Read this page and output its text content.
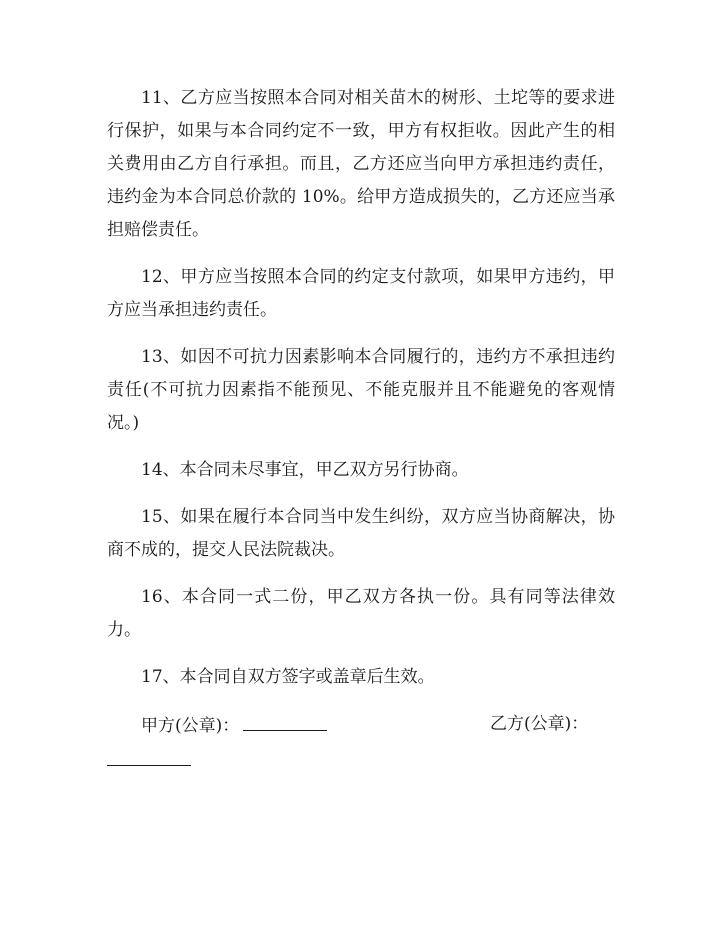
11、乙方应当按照本合同对相关苗木的树形、土坨等的要求进行保护，如果与本合同约定不一致，甲方有权拒收。因此产生的相关费用由乙方自行承担。而且，乙方还应当向甲方承担违约责任，违约金为本合同总价款的 10%。给甲方造成损失的，乙方还应当承担赔偿责任。

12、甲方应当按照本合同的约定支付款项，如果甲方违约，甲方应当承担违约责任。

13、如因不可抗力因素影响本合同履行的，违约方不承担违约责任(不可抗力因素指不能预见、不能克服并且不能避免的客观情况。)

14、本合同未尽事宜，甲乙双方另行协商。

15、如果在履行本合同当中发生纠纷，双方应当协商解决，协商不成的，提交人民法院裁决。

16、本合同一式二份，甲乙双方各执一份。具有同等法律效力。

17、本合同自双方签字或盖章后生效。

甲方(公章)：	乙方(公章)：
